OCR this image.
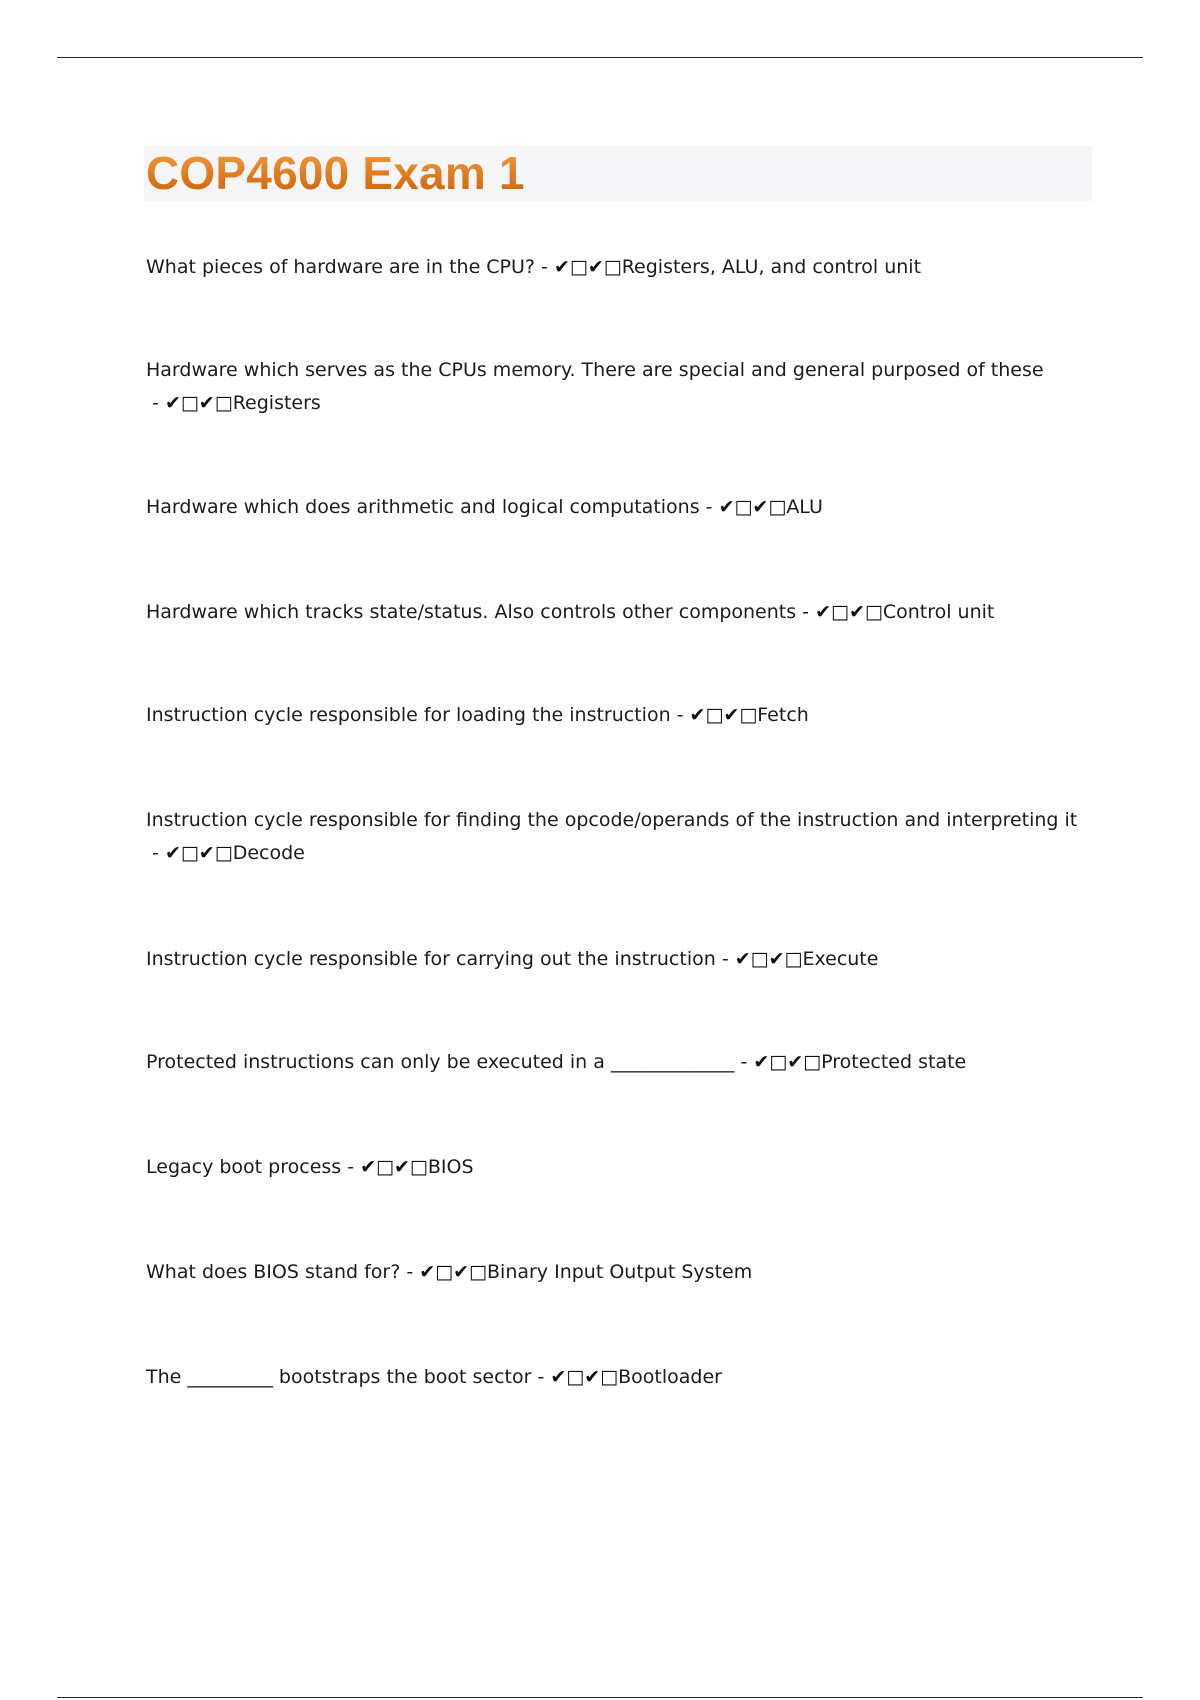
COP4600 Exam 1

What pieces of hardware are in the CPU? - ✔□✔□Registers, ALU, and control unit

Hardware which serves as the CPUs memory. There are special and general purposed of these - ✔□✔□Registers

Hardware which does arithmetic and logical computations - ✔□✔□ALU

Hardware which tracks state/status. Also controls other components - ✔□✔□Control unit

Instruction cycle responsible for loading the instruction - ✔□✔□Fetch

Instruction cycle responsible for finding the opcode/operands of the instruction and interpreting it - ✔□✔□Decode

Instruction cycle responsible for carrying out the instruction - ✔□✔□Execute

Protected instructions can only be executed in a _____________ - ✔□✔□Protected state

Legacy boot process - ✔□✔□BIOS

What does BIOS stand for? - ✔□✔□Binary Input Output System

The _________ bootstraps the boot sector - ✔□✔□Bootloader
